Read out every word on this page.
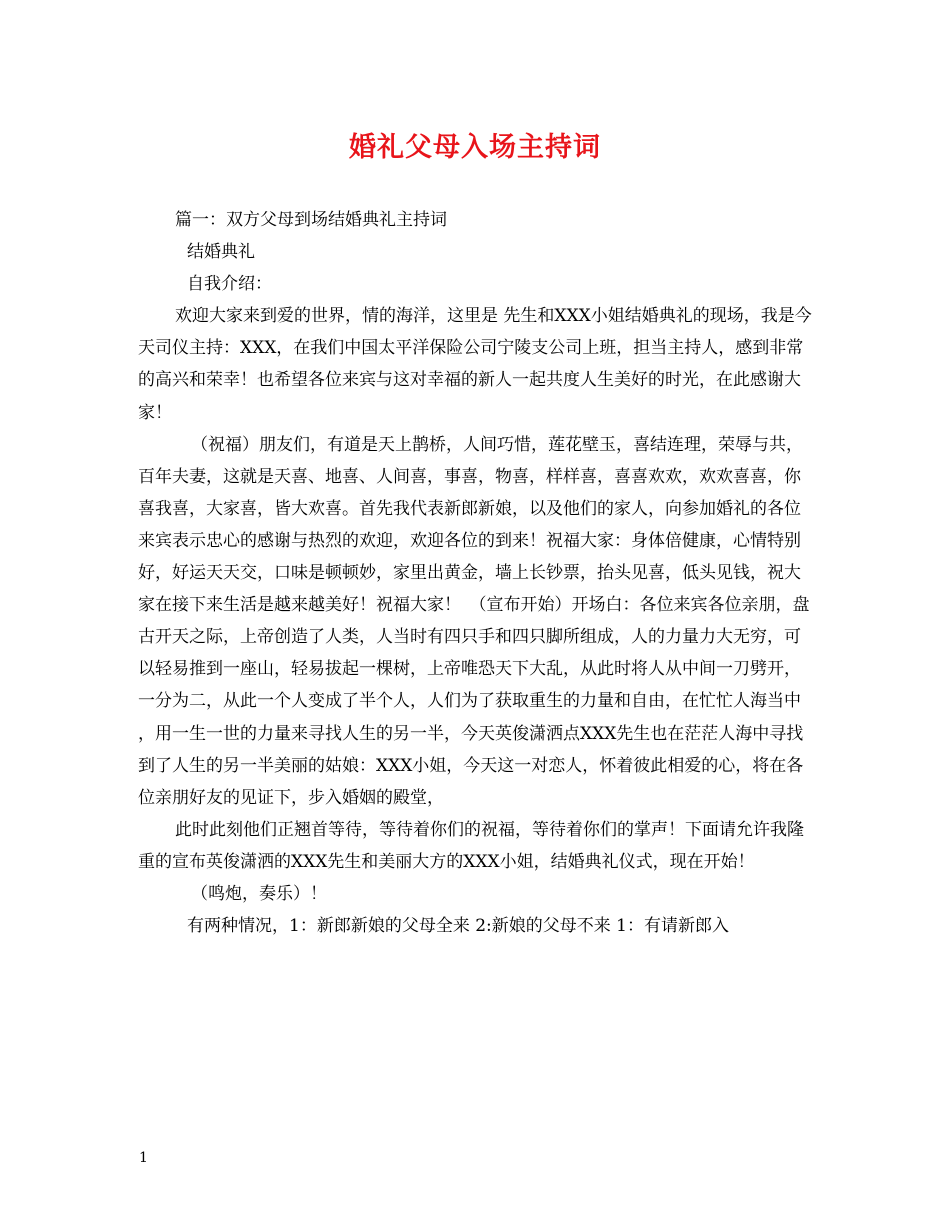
婚礼父母入场主持词

篇一：双方父母到场结婚典礼主持词

结婚典礼

自我介绍：

欢迎大家来到爱的世界，情的海洋，这里是 先生和XXX小姐结婚典礼的现场，我是今天司仪主持：XXX，在我们中国太平洋保险公司宁陵支公司上班，担当主持人，感到非常的高兴和荣幸！也希望各位来宾与这对幸福的新人一起共度人生美好的时光，在此感谢大家！

（祝福）朋友们，有道是天上鹊桥，人间巧惜，莲花壁玉，喜结连理，荣辱与共，百年夫妻，这就是天喜、地喜、人间喜，事喜，物喜，样样喜，喜喜欢欢，欢欢喜喜，你喜我喜，大家喜，皆大欢喜。首先我代表新郎新娘，以及他们的家人，向参加婚礼的各位来宾表示忠心的感谢与热烈的欢迎，欢迎各位的到来！祝福大家：身体倍健康，心情特别好，好运天天交，口味是顿顿妙，家里出黄金，墙上长钞票，抬头见喜，低头见钱，祝大家在接下来生活是越来越美好！祝福大家！　（宣布开始）开场白：各位来宾各位亲朋，盘古开天之际，上帝创造了人类，人当时有四只手和四只脚所组成，人的力量力大无穷，可以轻易推到一座山，轻易拔起一棵树，上帝唯恐天下大乱，从此时将人从中间一刀劈开，一分为二，从此一个人变成了半个人，人们为了获取重生的力量和自由，在忙忙人海当中，用一生一世的力量来寻找人生的另一半，今天英俊潇洒点XXX先生也在茫茫人海中寻找到了人生的另一半美丽的姑娘：XXX小姐，今天这一对恋人，怀着彼此相爱的心，将在各位亲朋好友的见证下，步入婚姻的殿堂，

此时此刻他们正翘首等待，等待着你们的祝福，等待着你们的掌声！下面请允许我隆重的宣布英俊潇洒的XXX先生和美丽大方的XXX小姐，结婚典礼仪式，现在开始！

（鸣炮，奏乐）！

有两种情况，1：新郎新娘的父母全来 2:新娘的父母不来 1：有请新郎入

1
